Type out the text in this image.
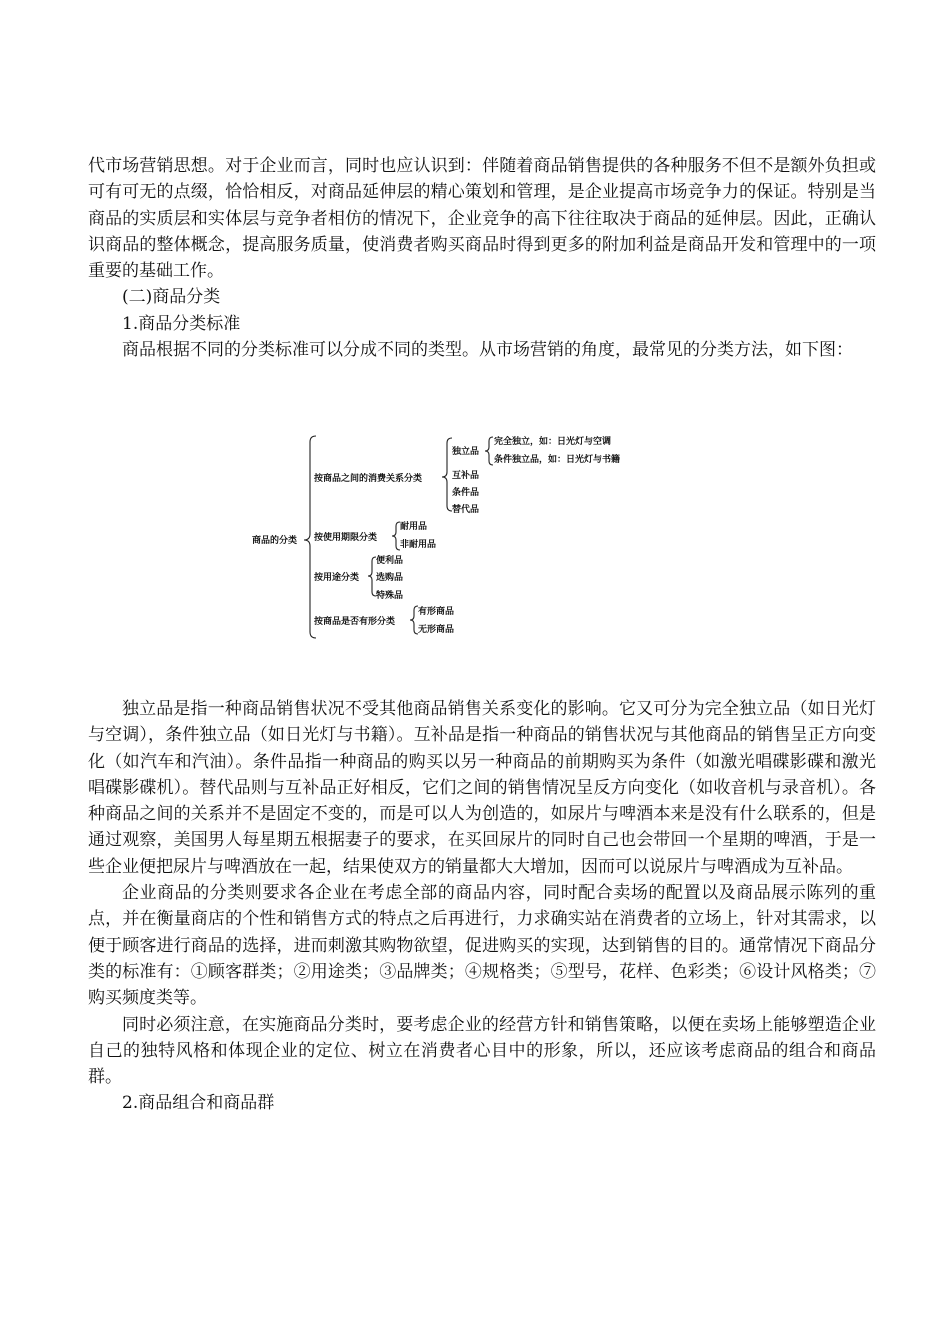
代市场营销思想。对于企业而言，同时也应认识到：伴随着商品销售提供的各种服务不但不是额外负担或可有可无的点缀，恰恰相反，对商品延伸层的精心策划和管理，是企业提高市场竞争力的保证。特别是当商品的实质层和实体层与竞争者相仿的情况下，企业竞争的高下往往取决于商品的延伸层。因此，正确认识商品的整体概念，提高服务质量，使消费者购买商品时得到更多的附加利益是商品开发和管理中的一项重要的基础工作。

(二)商品分类

1.商品分类标准

商品根据不同的分类标准可以分成不同的类型。从市场营销的角度，最常见的分类方法，如下图：

商品的分类
按商品之间的消费关系分类
独立品
互补品
条件品
替代品
完全独立，如：日光灯与空调
条件独立品，如：日光灯与书籍
按使用期限分类
耐用品
非耐用品
按用途分类
便利品
选购品
特殊品
按商品是否有形分类
有形商品
无形商品

独立品是指一种商品销售状况不受其他商品销售关系变化的影响。它又可分为完全独立品（如日光灯与空调），条件独立品（如日光灯与书籍）。互补品是指一种商品的销售状况与其他商品的销售呈正方向变化（如汽车和汽油）。条件品指一种商品的购买以另一种商品的前期购买为条件（如激光唱碟影碟和激光唱碟影碟机）。替代品则与互补品正好相反，它们之间的销售情况呈反方向变化（如收音机与录音机）。各种商品之间的关系并不是固定不变的，而是可以人为创造的，如尿片与啤酒本来是没有什么联系的，但是通过观察，美国男人每星期五根据妻子的要求，在买回尿片的同时自己也会带回一个星期的啤酒，于是一些企业便把尿片与啤酒放在一起，结果使双方的销量都大大增加，因而可以说尿片与啤酒成为互补品。

企业商品的分类则要求各企业在考虑全部的商品内容，同时配合卖场的配置以及商品展示陈列的重点，并在衡量商店的个性和销售方式的特点之后再进行，力求确实站在消费者的立场上，针对其需求，以便于顾客进行商品的选择，进而刺激其购物欲望，促进购买的实现，达到销售的目的。通常情况下商品分类的标准有：①顾客群类；②用途类；③品牌类；④规格类；⑤型号，花样、色彩类；⑥设计风格类；⑦购买频度类等。

同时必须注意，在实施商品分类时，要考虑企业的经营方针和销售策略，以便在卖场上能够塑造企业自己的独特风格和体现企业的定位、树立在消费者心目中的形象，所以，还应该考虑商品的组合和商品群。

2.商品组合和商品群
